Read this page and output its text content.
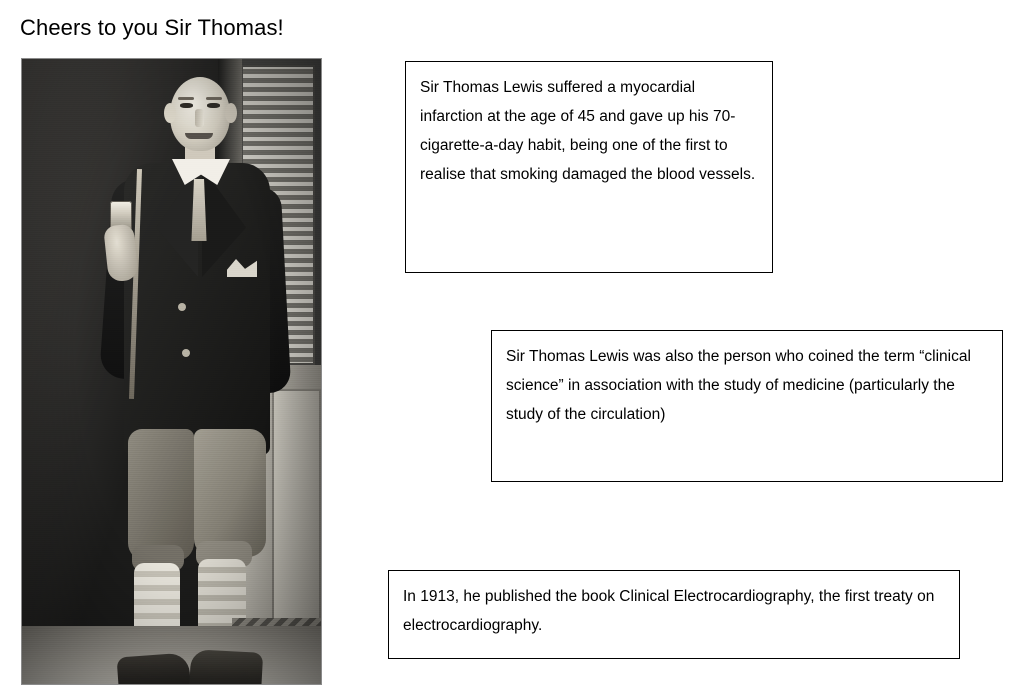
Cheers to you Sir Thomas!

Sir Thomas Lewis suffered a myocardial infarction at the age of 45 and gave up his 70-cigarette-a-day habit, being one of the first to realise that smoking damaged the blood vessels.

Sir Thomas Lewis was also the person who coined the term “clinical science” in association with the study of medicine (particularly the study of the circulation)

In 1913, he published the book Clinical Electrocardiography, the first treaty on electrocardiography.
